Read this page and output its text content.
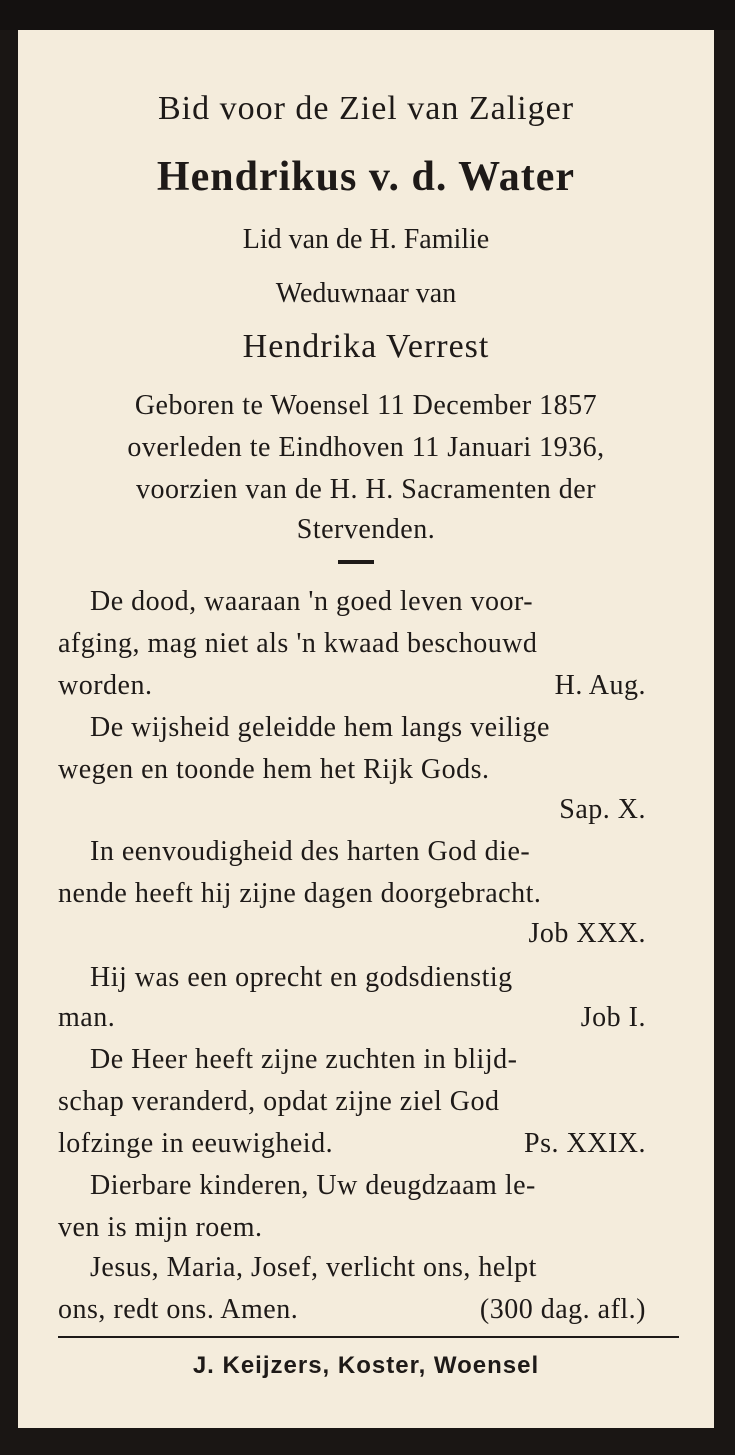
Bid voor de Ziel van Zaliger
Hendrikus v. d. Water
Lid van de H. Familie
Weduwnaar van
Hendrika Verrest
Geboren te Woensel 11 December 1857
overleden te Eindhoven 11 Januari 1936,
voorzien van de H. H. Sacramenten der
Stervenden.
De dood, waaraan 'n goed leven voor-
afging, mag niet als 'n kwaad beschouwd
worden.	H. Aug.
De wijsheid geleidde hem langs veilige
wegen en toonde hem het Rijk Gods.
Sap. X.
In eenvoudigheid des harten God die-
nende heeft hij zijne dagen doorgebracht.
Job XXX.
Hij was een oprecht en godsdienstig
man.	Job I.
De Heer heeft zijne zuchten in blijd-
schap veranderd, opdat zijne ziel God
lofzinge in eeuwigheid.	Ps. XXIX.
Dierbare kinderen, Uw deugdzaam le-
ven is mijn roem.
Jesus, Maria, Josef, verlicht ons, helpt
ons, redt ons. Amen.	(300 dag. afl.)
J. Keijzers, Koster, Woensel
